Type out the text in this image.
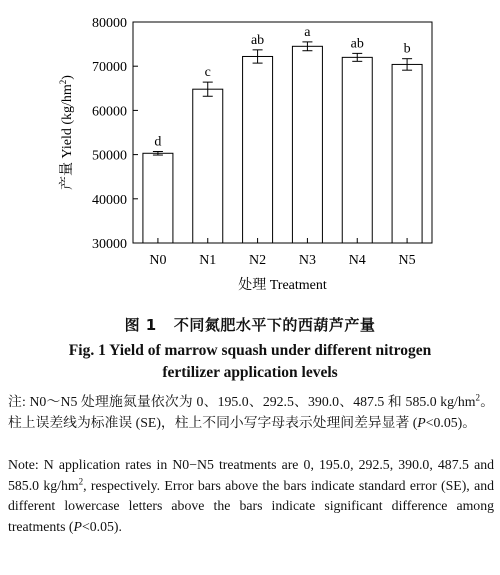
30000
40000
50000
60000
70000
80000
d
N0
c
N1
ab
N2
a
N3
ab
N4
b
N5
处理 Treatment
产量 Yield $(kg/hm^2)$
图 1   不同氮肥水平下的西葫芦产量
Fig. 1 Yield of marrow squash under different nitrogen
fertilizer application levels
注: N0～N5 处理施氮量依次为 0、195.0、292.5、390.0、487.5 和 585.0 $kg/hm^2$。柱上误差线为标准误 (SE)，柱上不同小写字母表示处理间差异显著 (P<0.05)。
Note: N application rates in N0−N5 treatments are 0, 195.0, 292.5, 390.0, 487.5 and 585.0 $kg/hm^2$, respectively. Error bars above the bars indicate standard error (SE), and different lowercase letters above the bars indicate significant difference among treatments (P<0.05).
